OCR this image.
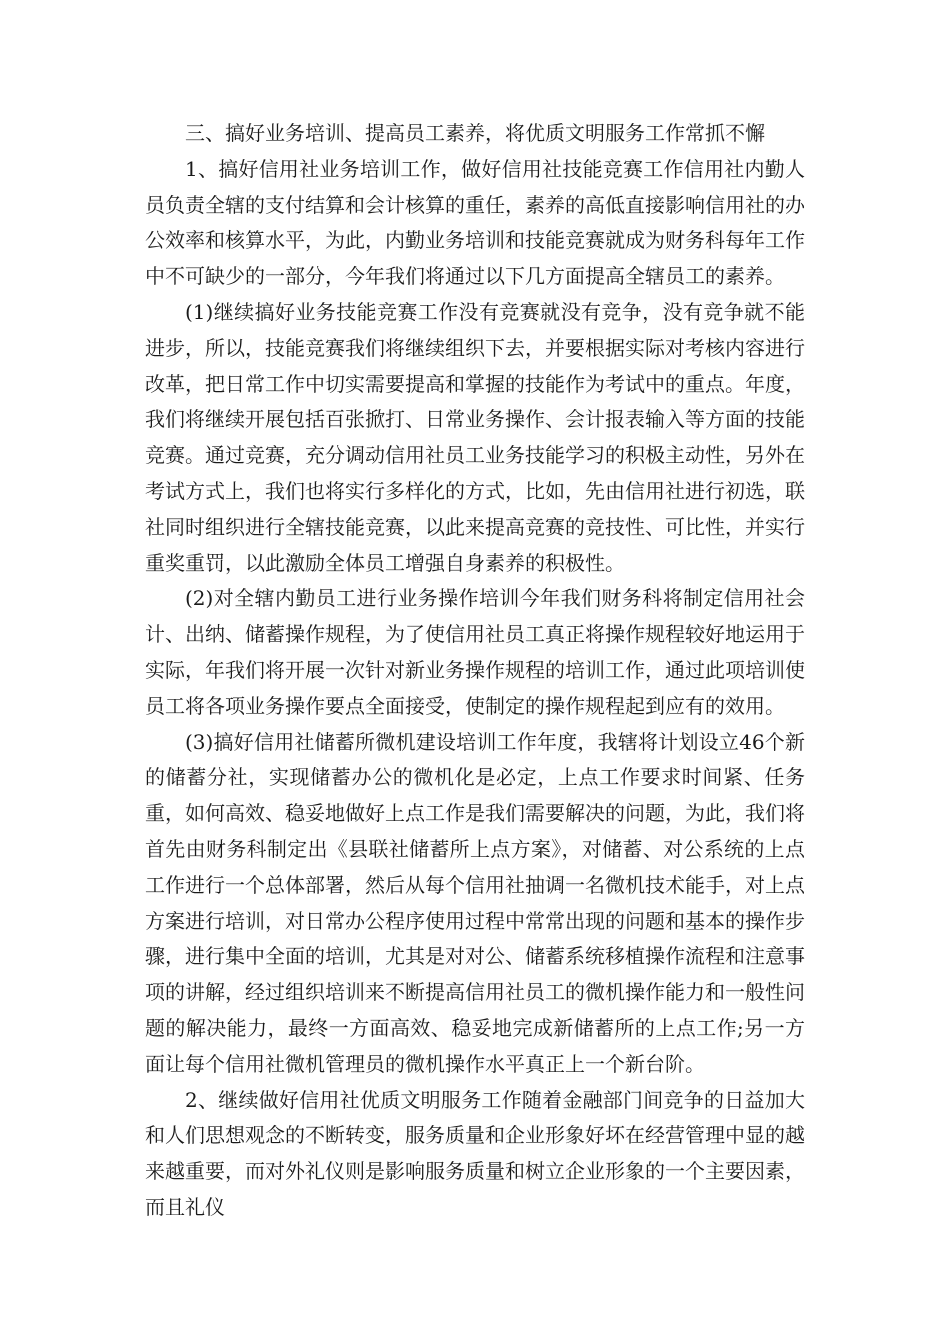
三、搞好业务培训、提高员工素养，将优质文明服务工作常抓不懈

1、搞好信用社业务培训工作，做好信用社技能竞赛工作信用社内勤人员负责全辖的支付结算和会计核算的重任，素养的高低直接影响信用社的办公效率和核算水平，为此，内勤业务培训和技能竞赛就成为财务科每年工作中不可缺少的一部分，今年我们将通过以下几方面提高全辖员工的素养。

(1)继续搞好业务技能竞赛工作没有竞赛就没有竞争，没有竞争就不能进步，所以，技能竞赛我们将继续组织下去，并要根据实际对考核内容进行改革，把日常工作中切实需要提高和掌握的技能作为考试中的重点。年度，我们将继续开展包括百张掀打、日常业务操作、会计报表输入等方面的技能竞赛。通过竞赛，充分调动信用社员工业务技能学习的积极主动性，另外在考试方式上，我们也将实行多样化的方式，比如，先由信用社进行初选，联社同时组织进行全辖技能竞赛，以此来提高竞赛的竞技性、可比性，并实行重奖重罚，以此激励全体员工增强自身素养的积极性。

(2)对全辖内勤员工进行业务操作培训今年我们财务科将制定信用社会计、出纳、储蓄操作规程，为了使信用社员工真正将操作规程较好地运用于实际，年我们将开展一次针对新业务操作规程的培训工作，通过此项培训使员工将各项业务操作要点全面接受，使制定的操作规程起到应有的效用。

(3)搞好信用社储蓄所微机建设培训工作年度，我辖将计划设立46个新的储蓄分社，实现储蓄办公的微机化是必定，上点工作要求时间紧、任务重，如何高效、稳妥地做好上点工作是我们需要解决的问题，为此，我们将首先由财务科制定出《县联社储蓄所上点方案》，对储蓄、对公系统的上点工作进行一个总体部署，然后从每个信用社抽调一名微机技术能手，对上点方案进行培训，对日常办公程序使用过程中常常出现的问题和基本的操作步骤，进行集中全面的培训，尤其是对对公、储蓄系统移植操作流程和注意事项的讲解，经过组织培训来不断提高信用社员工的微机操作能力和一般性问题的解决能力，最终一方面高效、稳妥地完成新储蓄所的上点工作;另一方面让每个信用社微机管理员的微机操作水平真正上一个新台阶。

2、继续做好信用社优质文明服务工作随着金融部门间竞争的日益加大和人们思想观念的不断转变，服务质量和企业形象好坏在经营管理中显的越来越重要，而对外礼仪则是影响服务质量和树立企业形象的一个主要因素，而且礼仪
